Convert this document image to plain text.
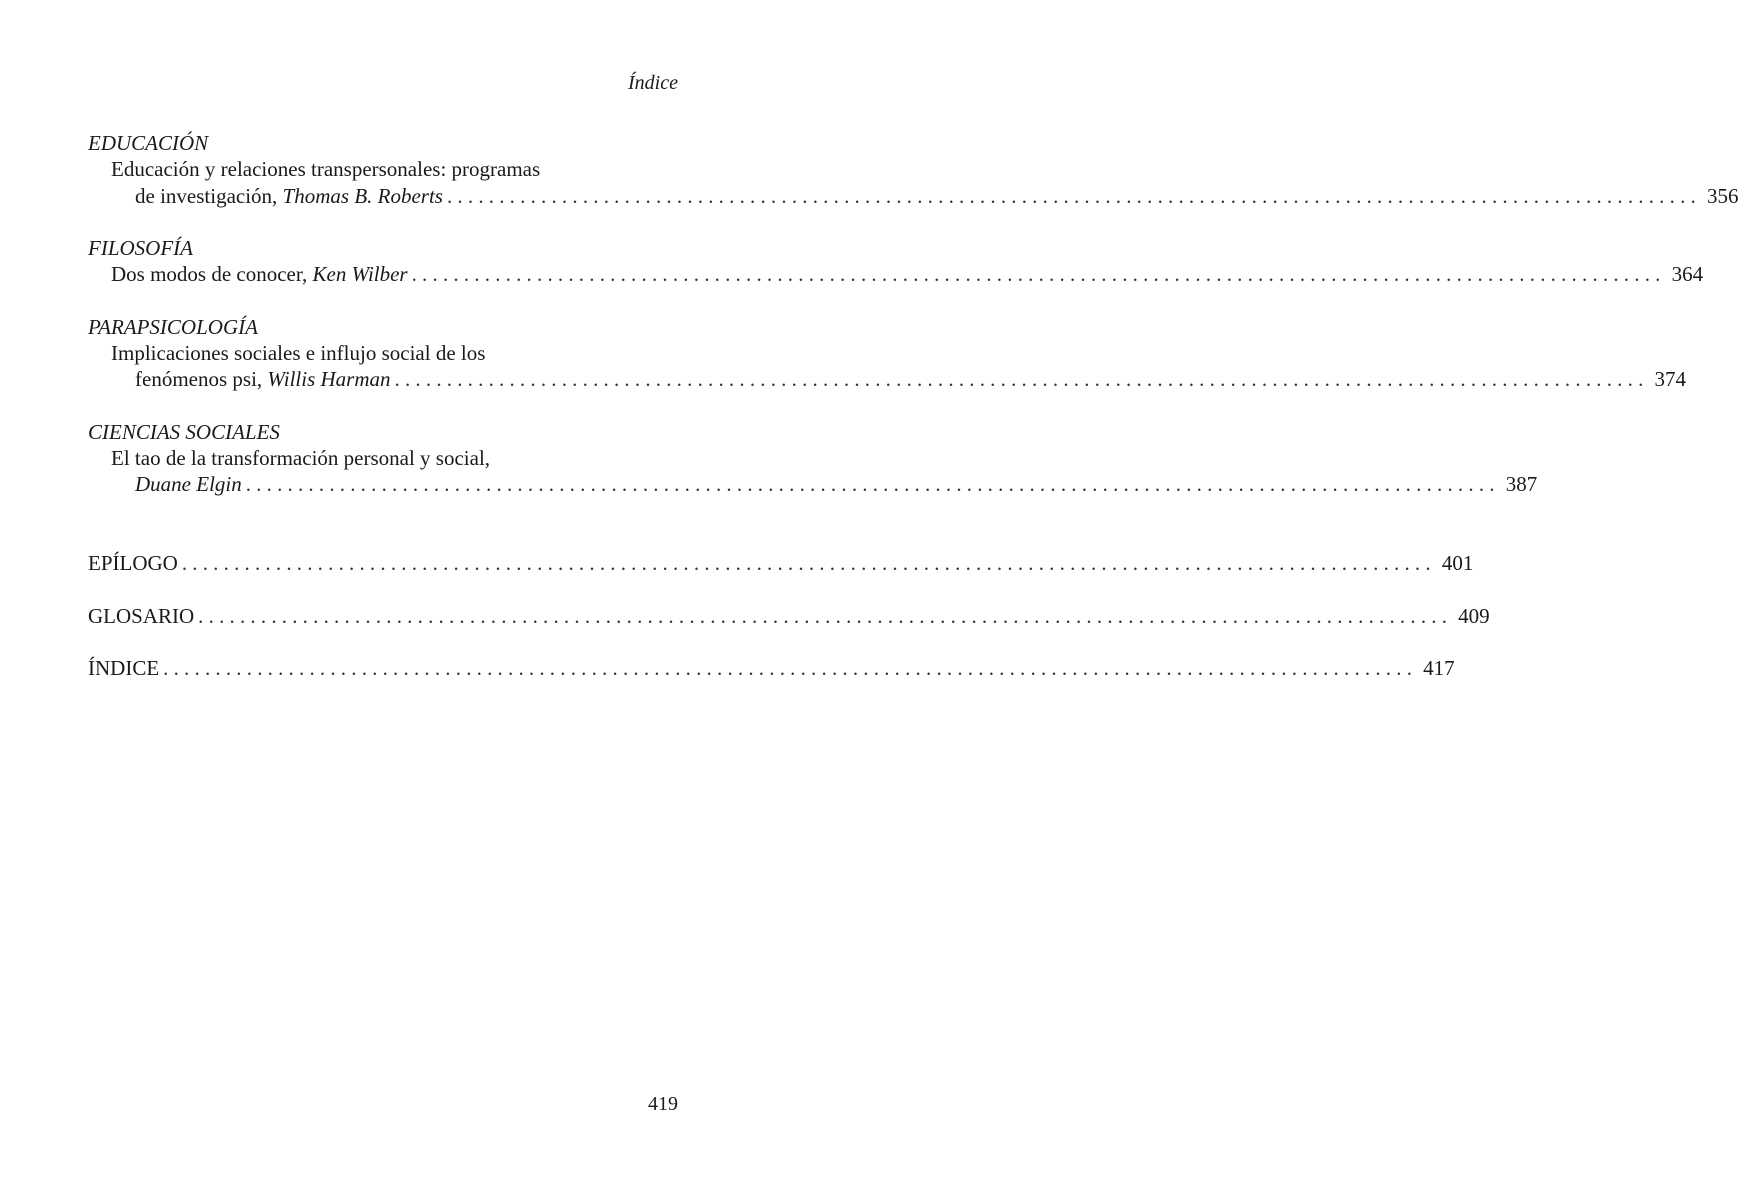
Índice
EDUCACIÓN
Educación y relaciones transpersonales: programas
de investigación, Thomas B. Roberts ........................................................................................................................ 356
FILOSOFÍA
Dos modos de conocer, Ken Wilber ........................................................................................................................ 364
PARAPSICOLOGÍA
Implicaciones sociales e influjo social de los
fenómenos psi, Willis Harman ........................................................................................................................ 374
CIENCIAS SOCIALES
El tao de la transformación personal y social,
Duane Elgin ........................................................................................................................ 387
EPÍLOGO ........................................................................................................................ 401
GLOSARIO ........................................................................................................................ 409
ÍNDICE ........................................................................................................................ 417
419
